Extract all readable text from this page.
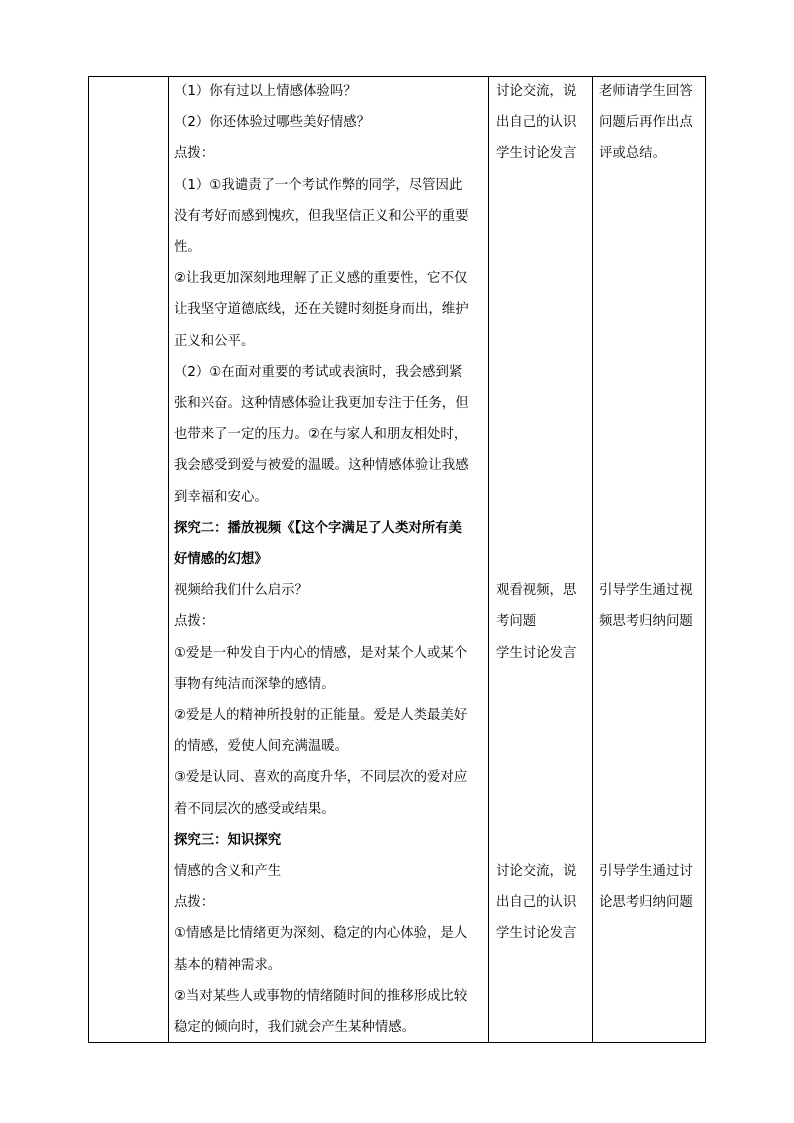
（1）你有过以上情感体验吗？
（2）你还体验过哪些美好情感？
点拨：
（1）①我谴责了一个考试作弊的同学，尽管因此
没有考好而感到愧疚，但我坚信正义和公平的重要
性。
②让我更加深刻地理解了正义感的重要性，它不仅
让我坚守道德底线，还在关键时刻挺身而出，维护
正义和公平。
（2）①在面对重要的考试或表演时，我会感到紧
张和兴奋。这种情感体验让我更加专注于任务，但
也带来了一定的压力。②在与家人和朋友相处时，
我会感受到爱与被爱的温暖。这种情感体验让我感
到幸福和安心。
探究二：播放视频《【这个字满足了人类对所有美
好情感的幻想》
视频给我们什么启示？
点拨：
①爱是一种发自于内心的情感，是对某个人或某个
事物有纯洁而深挚的感情。
②爱是人的精神所投射的正能量。爱是人类最美好
的情感，爱使人间充满温暖。
③爱是认同、喜欢的高度升华，不同层次的爱对应
着不同层次的感受或结果。
探究三：知识探究
情感的含义和产生
点拨：
①情感是比情绪更为深刻、稳定的内心体验，是人
基本的精神需求。
②当对某些人或事物的情绪随时间的推移形成比较
稳定的倾向时，我们就会产生某种情感。
讨论交流，说
出自己的认识
学生讨论发言
观看视频，思
考问题
学生讨论发言
讨论交流，说
出自己的认识
学生讨论发言
老师请学生回答
问题后再作出点
评或总结。
引导学生通过视
频思考归纳问题
引导学生通过讨
论思考归纳问题
